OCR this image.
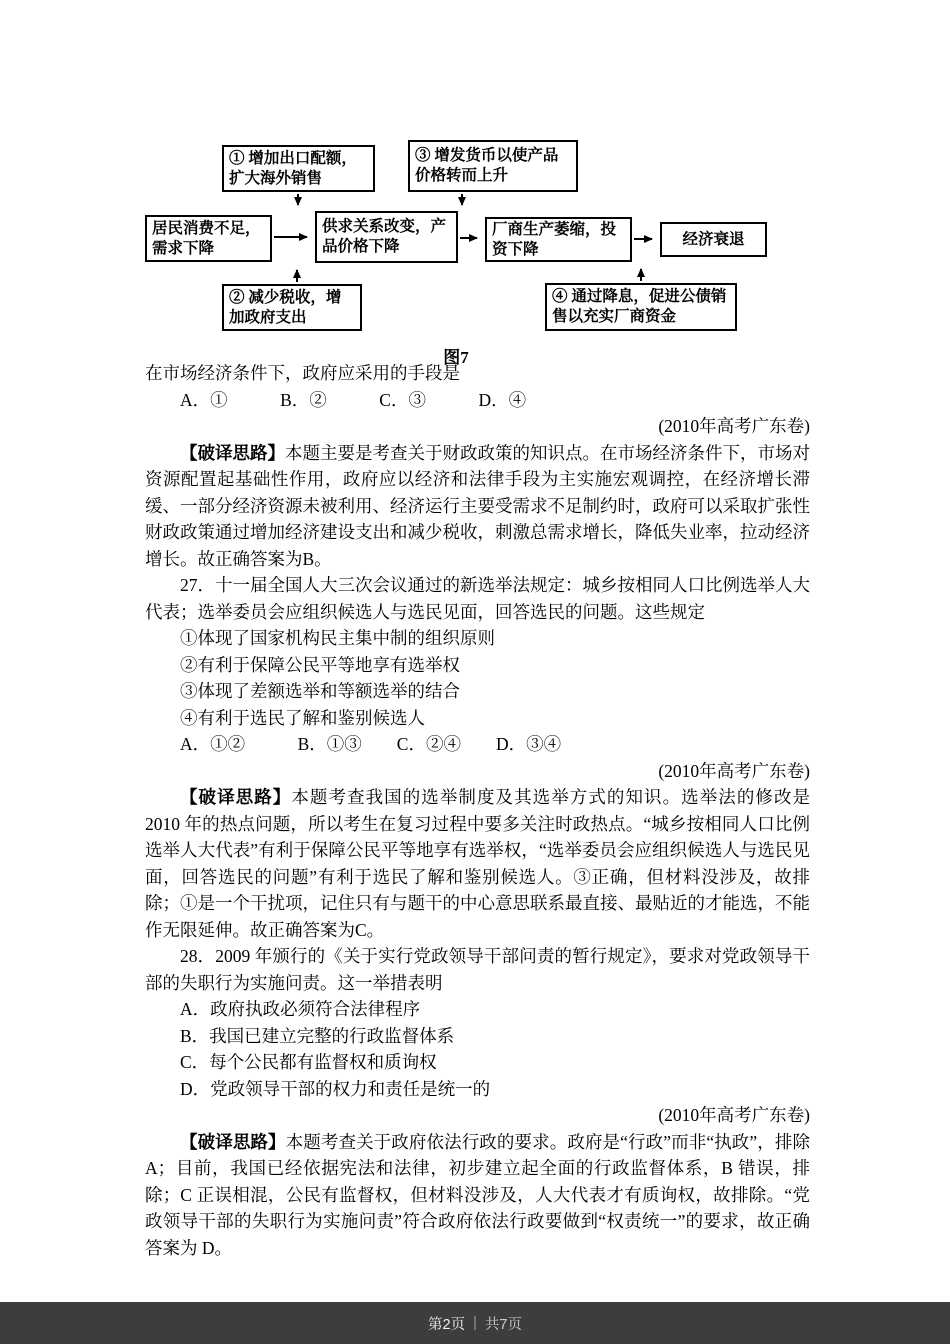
① 增加出口配额，扩大海外销售
③ 增发货币以使产品价格转而上升
居民消费不足，需求下降
供求关系改变，产品价格下降
厂商生产萎缩，投资下降
经济衰退
② 减少税收，增加政府支出
④ 通过降息，促进公债销售以充实厂商资金
图7

在市场经济条件下，政府应采用的手段是

A．①　　　B．②　　　C．③　　　D．④
(2010年高考广东卷)

【破译思路】本题主要是考查关于财政政策的知识点。在市场经济条件下，市场对资源配置起基础性作用，政府应以经济和法律手段为主实施宏观调控，在经济增长滞缓、一部分经济资源未被利用、经济运行主要受需求不足制约时，政府可以采取扩张性财政政策通过增加经济建设支出和减少税收，刺激总需求增长，降低失业率，拉动经济增长。故正确答案为B。

27．十一届全国人大三次会议通过的新选举法规定：城乡按相同人口比例选举人大代表；选举委员会应组织候选人与选民见面，回答选民的问题。这些规定

①体现了国家机构民主集中制的组织原则
②有利于保障公民平等地享有选举权
③体现了差额选举和等额选举的结合
④有利于选民了解和鉴别候选人
A．①②　　　B．①③　　C．②④　　D．③④
(2010年高考广东卷)

【破译思路】本题考查我国的选举制度及其选举方式的知识。选举法的修改是 2010 年的热点问题，所以考生在复习过程中要多关注时政热点。“城乡按相同人口比例选举人大代表”有利于保障公民平等地享有选举权，“选举委员会应组织候选人与选民见面，回答选民的问题”有利于选民了解和鉴别候选人。③正确，但材料没涉及，故排除；①是一个干扰项，记住只有与题干的中心意思联系最直接、最贴近的才能选，不能作无限延伸。故正确答案为C。

28．2009 年颁行的《关于实行党政领导干部问责的暂行规定》，要求对党政领导干部的失职行为实施问责。这一举措表明

A．政府执政必须符合法律程序
B．我国已建立完整的行政监督体系
C．每个公民都有监督权和质询权
D．党政领导干部的权力和责任是统一的
(2010年高考广东卷)

【破译思路】本题考查关于政府依法行政的要求。政府是“行政”而非“执政”，排除 A；目前，我国已经依据宪法和法律，初步建立起全面的行政监督体系，B 错误，排除；C 正误相混，公民有监督权，但材料没涉及，人大代表才有质询权，故排除。“党政领导干部的失职行为实施问责”符合政府依法行政要做到“权责统一”的要求，故正确答案为 D。

第2页 | 共7页
